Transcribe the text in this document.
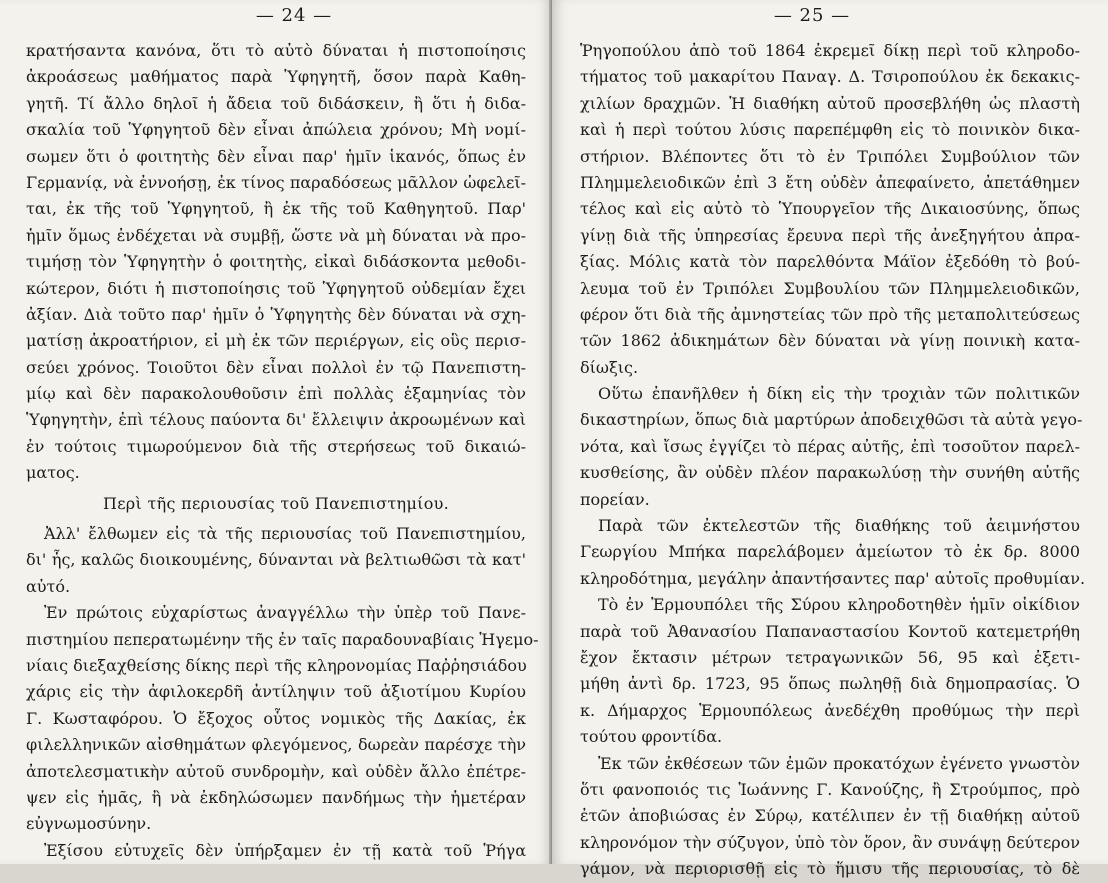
— 24 —
κρατήσαντα κανόνα, ὅτι τὸ αὐτὸ δύναται ἡ πιστοποίησις
ἀκροάσεως μαθήματος παρὰ Ὑφηγητῆ, ὅσον παρὰ Καθη-
γητῆ. Τί ἄλλο δηλοῖ ἡ ἄδεια τοῦ διδάσκειν, ἢ ὅτι ἡ διδα-
σκαλία τοῦ Ὑφηγητοῦ δὲν εἶναι ἀπώλεια χρόνου; Μὴ νομί-
σωμεν ὅτι ὁ φοιτητὴς δὲν εἶναι παρ' ἡμῖν ἱκανός, ὅπως ἐν
Γερμανίᾳ, νὰ ἐννοήσῃ, ἐκ τίνος παραδόσεως μᾶλλον ὠφελεῖ-
ται, ἐκ τῆς τοῦ Ὑφηγητοῦ, ἢ ἐκ τῆς τοῦ Καθηγητοῦ. Παρ'
ἡμῖν ὅμως ἐνδέχεται νὰ συμβῇ, ὥστε νὰ μὴ δύναται νὰ προ-
τιμήσῃ τὸν Ὑφηγητὴν ὁ φοιτητὴς, εἰκαὶ διδάσκοντα μεθοδι-
κώτερον, διότι ἡ πιστοποίησις τοῦ Ὑφηγητοῦ οὐδεμίαν ἔχει
ἀξίαν. Διὰ τοῦτο παρ' ἡμῖν ὁ Ὑφηγητὴς δὲν δύναται νὰ σχη-
ματίσῃ ἀκροατήριον, εἰ μὴ ἐκ τῶν περιέργων, εἰς οὓς περισ-
σεύει χρόνος. Τοιοῦτοι δὲν εἶναι πολλοὶ ἐν τῷ Πανεπιστη-
μίῳ καὶ δὲν παρακολουθοῦσιν ἐπὶ πολλὰς ἑξαμηνίας τὸν
Ὑφηγητὴν, ἐπὶ τέλους παύοντα δι' ἔλλειψιν ἀκροωμένων καὶ
ἐν τούτοις τιμωρούμενον διὰ τῆς στερήσεως τοῦ δικαιώ-
ματος.
Περὶ τῆς περιουσίας τοῦ Πανεπιστημίου.
Ἀλλ' ἔλθωμεν εἰς τὰ τῆς περιουσίας τοῦ Πανεπιστημίου,
δι' ἧς, καλῶς διοικουμένης, δύνανται νὰ βελτιωθῶσι τὰ κατ'
αὐτό.
Ἐν πρώτοις εὐχαρίστως ἀναγγέλλω τὴν ὑπὲρ τοῦ Πανε-
πιστημίου πεπερατωμένην τῆς ἐν ταῖς παραδουναβίαις Ἡγεμο-
νίαις διεξαχθείσης δίκης περὶ τῆς κληρονομίας Παῤῥησιάδου
χάρις εἰς τὴν ἀφιλοκερδῆ ἀντίληψιν τοῦ ἀξιοτίμου Κυρίου
Γ. Κωσταφόρου. Ὁ ἔξοχος οὗτος νομικὸς τῆς Δακίας, ἐκ
φιλελληνικῶν αἰσθημάτων φλεγόμενος, δωρεὰν παρέσχε τὴν
ἀποτελεσματικὴν αὐτοῦ συνδρομὴν, καὶ οὐδὲν ἄλλο ἐπέτρε-
ψεν εἰς ἡμᾶς, ἢ νὰ ἐκδηλώσωμεν πανδήμως τὴν ἡμετέραν
εὐγνωμοσύνην.
Ἐξίσου εὐτυχεῖς δὲν ὑπήρξαμεν ἐν τῇ κατὰ τοῦ Ῥήγα
— 25 —
Ῥηγοπούλου ἀπὸ τοῦ 1864 ἐκρεμεῖ δίκῃ περὶ τοῦ κληροδο-
τήματος τοῦ μακαρίτου Παναγ. Δ. Τσιροπούλου ἐκ δεκακις-
χιλίων δραχμῶν. Ἡ διαθήκη αὐτοῦ προσεβλήθη ὡς πλαστὴ
καὶ ἡ περὶ τούτου λύσις παρεπέμφθη εἰς τὸ ποινικὸν δικα-
στήριον. Βλέποντες ὅτι τὸ ἐν Τριπόλει Συμβούλιον τῶν
Πλημμελειοδικῶν ἐπὶ 3 ἔτη οὐδὲν ἀπεφαίνετο, ἀπετάθημεν
τέλος καὶ εἰς αὐτὸ τὸ Ὑπουργεῖον τῆς Δικαιοσύνης, ὅπως
γίνῃ διὰ τῆς ὑπηρεσίας ἔρευνα περὶ τῆς ἀνεξηγήτου ἀπρα-
ξίας. Μόλις κατὰ τὸν παρελθόντα Μάϊον ἐξεδόθη τὸ βού-
λευμα τοῦ ἐν Τριπόλει Συμβουλίου τῶν Πλημμελειοδικῶν,
φέρον ὅτι διὰ τῆς ἀμνηστείας τῶν πρὸ τῆς μεταπολιτεύσεως
τῶν 1862 ἀδικημάτων δὲν δύναται νὰ γίνῃ ποινικὴ κατα-
δίωξις.
Οὕτω ἐπανῆλθεν ἡ δίκη εἰς τὴν τροχιὰν τῶν πολιτικῶν
δικαστηρίων, ὅπως διὰ μαρτύρων ἀποδειχθῶσι τὰ αὐτὰ γεγο-
νότα, καὶ ἴσως ἐγγίζει τὸ πέρας αὐτῆς, ἐπὶ τοσοῦτον παρελ-
κυσθείσης, ἂν οὐδὲν πλέον παρακωλύσῃ τὴν συνήθη αὐτῆς
πορείαν.
Παρὰ τῶν ἐκτελεστῶν τῆς διαθήκης τοῦ ἀειμνήστου
Γεωργίου Μπήκα παρελάβομεν ἀμείωτον τὸ ἐκ δρ. 8000
κληροδότημα, μεγάλην ἀπαντήσαντες παρ' αὐτοῖς προθυμίαν.
Τὸ ἐν Ἑρμουπόλει τῆς Σύρου κληροδοτηθὲν ἡμῖν οἰκίδιον
παρὰ τοῦ Ἀθανασίου Παπαναστασίου Κοντοῦ κατεμετρήθη
ἔχον ἔκτασιν μέτρων τετραγωνικῶν 56, 95 καὶ ἐξετι-
μήθη ἀντὶ δρ. 1723, 95 ὅπως πωληθῇ διὰ δημοπρασίας. Ὁ
κ. Δήμαρχος Ἑρμουπόλεως ἀνεδέχθη προθύμως τὴν περὶ
τούτου φροντίδα.
Ἐκ τῶν ἐκθέσεων τῶν ἐμῶν προκατόχων ἐγένετο γνωστὸν
ὅτι φανοποιός τις Ἰωάννης Γ. Κανούζης, ἢ Στρούμπος, πρὸ
ἐτῶν ἀποβιώσας ἐν Σύρῳ, κατέλιπεν ἐν τῇ διαθήκῃ αὐτοῦ
κληρονόμον τὴν σύζυγον, ὑπὸ τὸν ὅρον, ἂν συνάψῃ δεύτερον
γάμον, νὰ περιορισθῇ εἰς τὸ ἥμισυ τῆς περιουσίας, τὸ δὲ
